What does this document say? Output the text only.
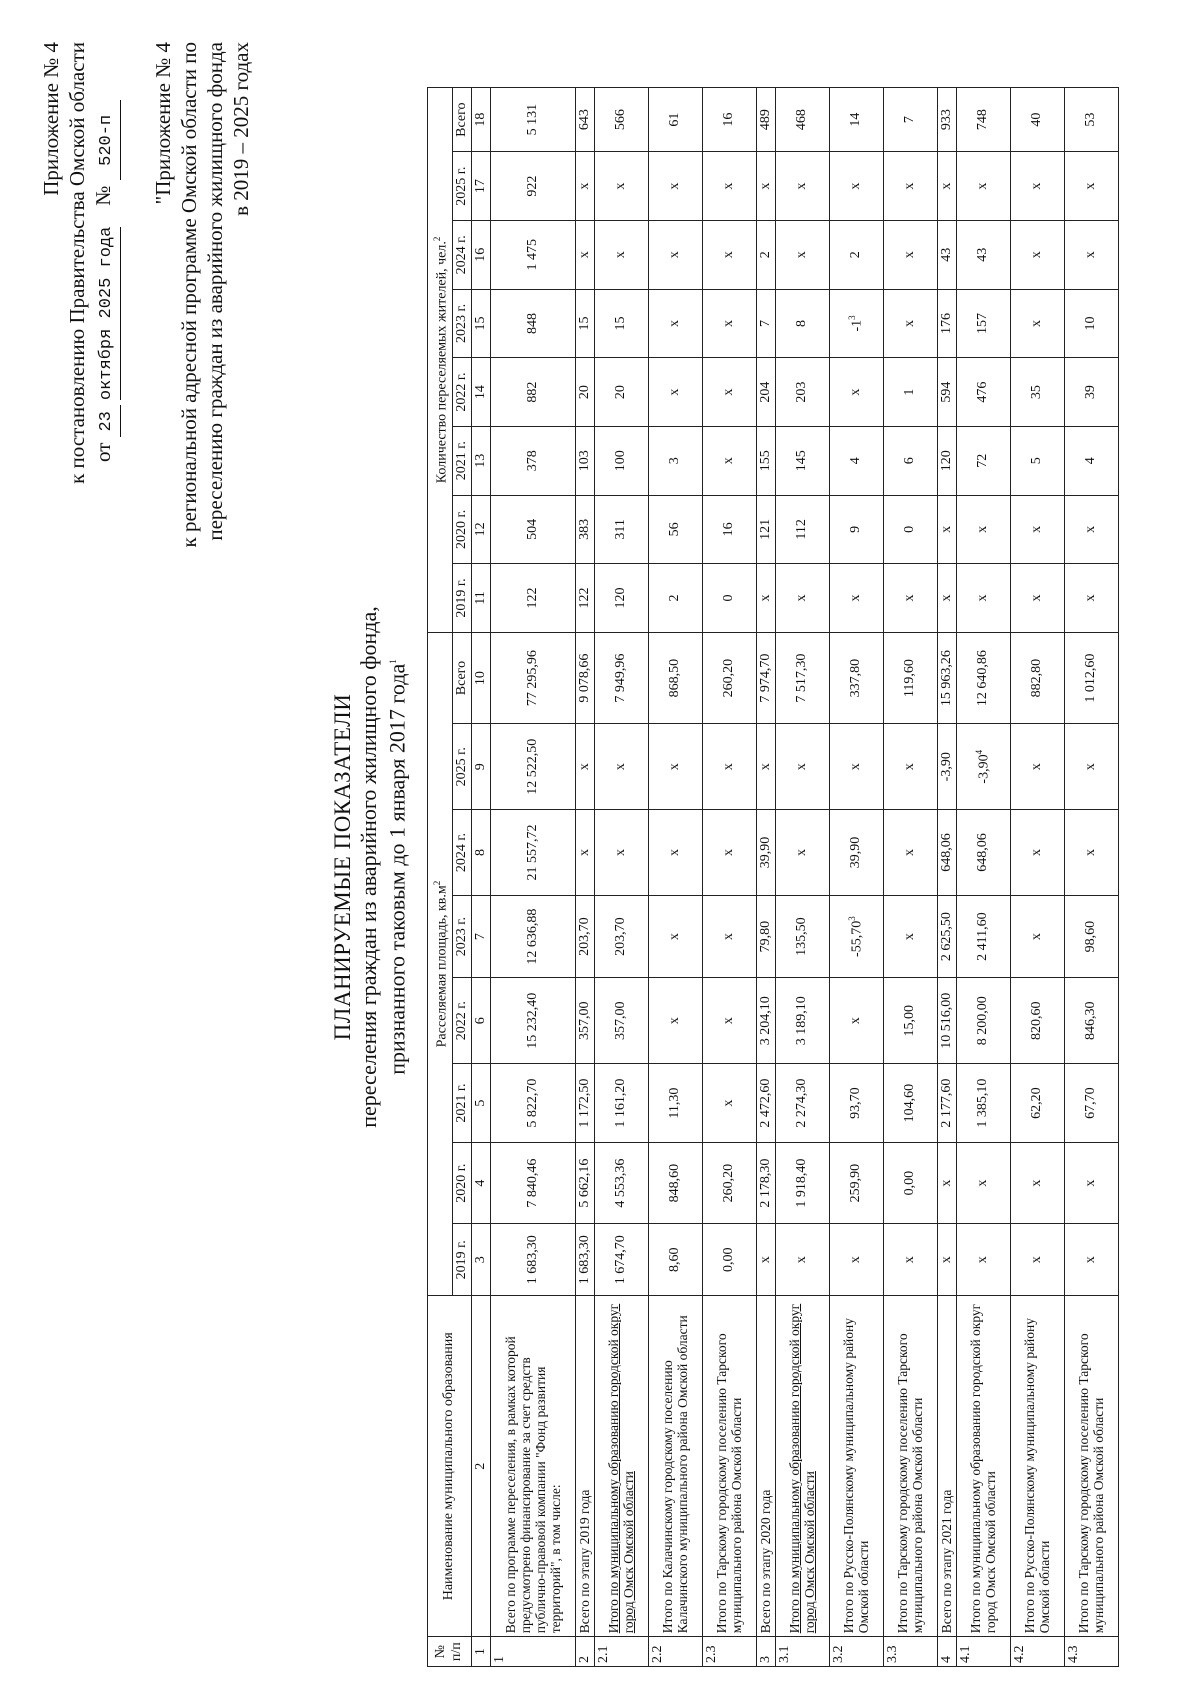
Приложение № 4 к постановлению Правительства Омской области от 23 октября 2025 года    № 520-п "Приложение № 4 к региональной адресной программе Омской области по переселению граждан из аварийного жилищного фонда в 2019 – 2025 годах
ПЛАНИРУЕМЫЕ ПОКАЗАТЕЛИ переселения граждан из аварийного жилищного фонда, признанного таковым до 1 января 2017 года$^1$
№ п/п	Наименование муниципального образования	Расселяемая площадь, $кв.м^2$								Количество переселяемых жителей, чел.$^2$
		2019 г.	2020 г.	2021 г.	2022 г.	2023 г.	2024 г.	2025 г.	Всего	2019 г.	2020 г.	2021 г.	2022 г.	2023 г.	2024 г.	2025 г.	Всего
1	2	3	4	5	6	7	8	9	10	11	12	13	14	15	16	17	18
1	Всего по программе переселения, в рамках которой предусмотрено финансирование за счет средств публично-правовой компании "Фонд развития территорий", в том числе:	1 683,30	7 840,46	5 822,70	15 232,40	12 636,88	21 557,72	12 522,50	77 295,96	122	504	378	882	848	1 475	922	5 131
2	Всего по этапу 2019 года	1 683,30	5 662,16	1 172,50	357,00	203,70	х	х	9 078,66	122	383	103	20	15	х	х	643
2.1	Итого по муниципальному образованию городской округ город Омск Омской области	1 674,70	4 553,36	1 161,20	357,00	203,70	х	х	7 949,96	120	311	100	20	15	х	х	566
2.2	Итого по Калачинскому городскому поселению Калачинского муниципального района Омской области	8,60	848,60	11,30	х	х	х	х	868,50	2	56	3	х	х	х	х	61
2.3	Итого по Тарскому городскому поселению Тарского муниципального района Омской области	0,00	260,20	х	х	х	х	х	260,20	0	16	х	х	х	х	х	16
3	Всего по этапу 2020 года	х	2 178,30	2 472,60	3 204,10	79,80	39,90	х	7 974,70	х	121	155	204	7	2	х	489
3.1	Итого по муниципальному образованию городской округ город Омск Омской области	х	1 918,40	2 274,30	3 189,10	135,50	х	х	7 517,30	х	112	145	203	8	х	х	468
3.2	Итого по Русско-Полянскому муниципальному району Омской области	х	259,90	93,70	х	-55,70$^3$	39,90	х	337,80	х	9	4	х	$-1^3$	2	х	14
3.3	Итого по Тарскому городскому поселению Тарского муниципального района Омской области	х	0,00	104,60	15,00	х	х	х	119,60	х	0	6	1	х	х	х	7
4	Всего по этапу 2021 года	х	х	2 177,60	10 516,00	2 625,50	648,06	-3,90	15 963,26	х	х	120	594	176	43	х	933
4.1	Итого по муниципальному образованию городской округ город Омск Омской области	х	х	1 385,10	8 200,00	2 411,60	648,06	-3,90$^4$	12 640,86	х	х	72	476	157	43	х	748
4.2	Итого по Русско-Полянскому муниципальному району Омской области	х	х	62,20	820,60	х	х	х	882,80	х	х	5	35	х	х	х	40
4.3	Итого по Тарскому городскому поселению Тарского муниципального района Омской области	х	х	67,70	846,30	98,60	х	х	1 012,60	х	х	4	39	10	х	х	53
